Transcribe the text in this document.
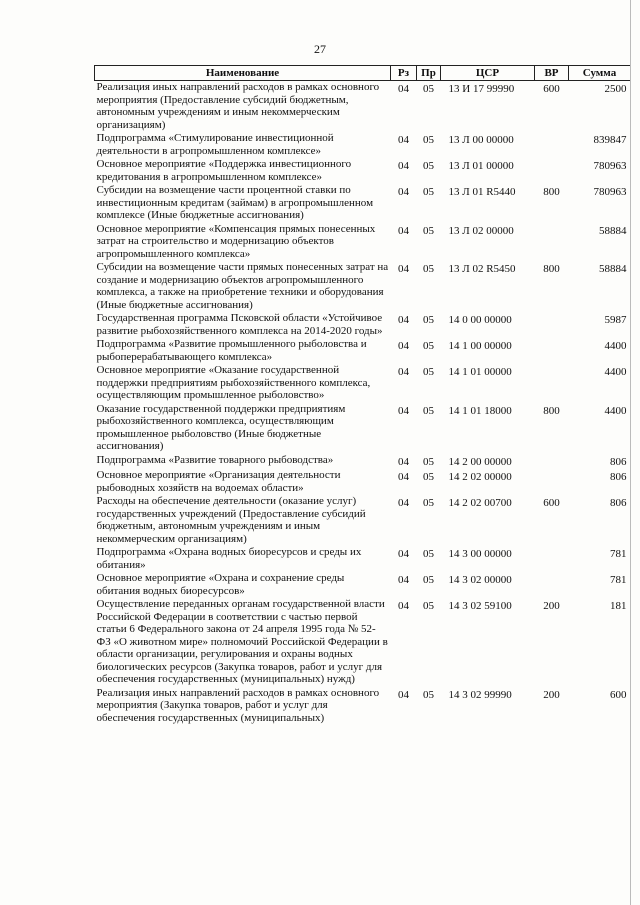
27
Наименование	Рз	Пр	ЦСР	ВР	Сумма
Реализация иных направлений расходов в рамках основного мероприятия (Предоставление субсидий бюджетным, автономным учреждениям и иным некоммерческим организациям)	04	05	13 И 17 99990	600	2500
Подпрограмма «Стимулирование инвестиционной деятельности в агропромышленном комплексе»	04	05	13 Л 00 00000		839847
Основное мероприятие «Поддержка инвестиционного кредитования в агропромышленном комплексе»	04	05	13 Л 01 00000		780963
Субсидии на возмещение части процентной ставки по инвестиционным кредитам (займам) в агропромышленном комплексе (Иные бюджетные ассигнования)	04	05	13 Л 01 R5440	800	780963
Основное мероприятие «Компенсация прямых понесенных затрат на строительство и модернизацию объектов агропромышленного комплекса»	04	05	13 Л 02 00000		58884
Субсидии на возмещение части прямых понесенных затрат на создание и модернизацию объектов агропромышленного комплекса, а также на приобретение техники и оборудования (Иные бюджетные ассигнования)	04	05	13 Л 02 R5450	800	58884
Государственная программа Псковской области «Устойчивое развитие рыбохозяйственного комплекса на 2014-2020 годы»	04	05	14 0 00 00000		5987
Подпрограмма «Развитие промышленного рыболовства и рыбоперерабатывающего комплекса»	04	05	14 1 00 00000		4400
Основное мероприятие «Оказание государственной поддержки предприятиям рыбохозяйственного комплекса, осуществляющим промышленное рыболовство»	04	05	14 1 01 00000		4400
Оказание государственной поддержки предприятиям рыбохозяйственного комплекса, осуществляющим промышленное рыболовство (Иные бюджетные ассигнования)	04	05	14 1 01 18000	800	4400
Подпрограмма «Развитие товарного рыбоводства»	04	05	14 2 00 00000		806
Основное мероприятие «Организация деятельности рыбоводных хозяйств на водоемах области»	04	05	14 2 02 00000		806
Расходы на обеспечение деятельности (оказание услуг) государственных учреждений (Предоставление субсидий бюджетным, автономным учреждениям и иным некоммерческим организациям)	04	05	14 2 02 00700	600	806
Подпрограмма «Охрана водных биоресурсов и среды их обитания»	04	05	14 3 00 00000		781
Основное мероприятие «Охрана и сохранение среды обитания водных биоресурсов»	04	05	14 3 02 00000		781
Осуществление переданных органам государственной власти Российской Федерации в соответствии с частью первой статьи 6 Федерального закона от 24 апреля 1995 года № 52-ФЗ «О животном мире» полномочий Российской Федерации в области организации, регулирования и охраны водных биологических ресурсов (Закупка товаров, работ и услуг для обеспечения государственных (муниципальных) нужд)	04	05	14 3 02 59100	200	181
Реализация иных направлений расходов в рамках основного мероприятия (Закупка товаров, работ и услуг для обеспечения государственных (муниципальных)	04	05	14 3 02 99990	200	600
